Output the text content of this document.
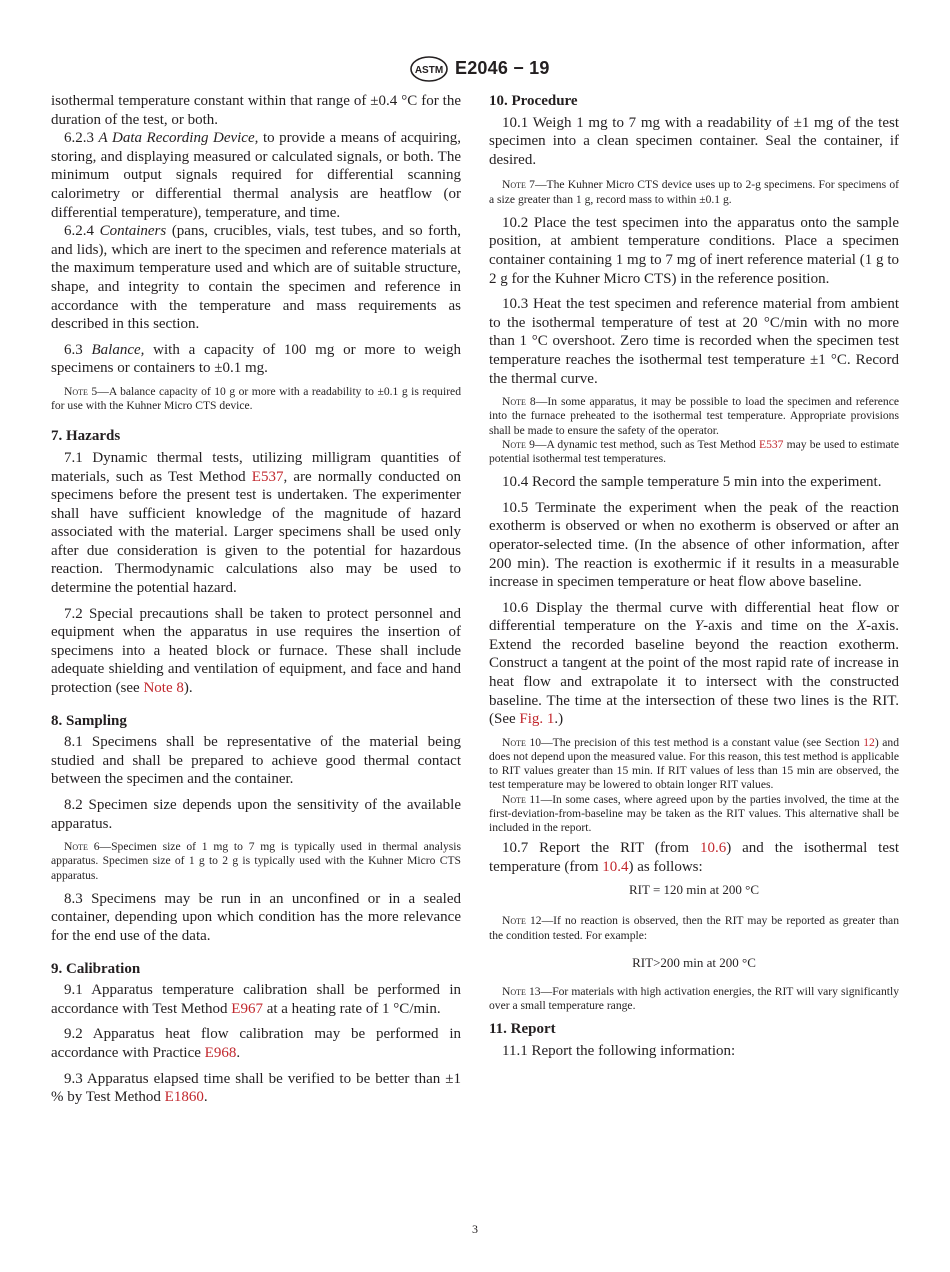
ASTM E2046 − 19

isothermal temperature constant within that range of ±0.4 °C for the duration of the test, or both.

6.2.3 A Data Recording Device, to provide a means of acquiring, storing, and displaying measured or calculated signals, or both. The minimum output signals required for differential scanning calorimetry or differential thermal analysis are heatflow (or differential temperature), temperature, and time.

6.2.4 Containers (pans, crucibles, vials, test tubes, and so forth, and lids), which are inert to the specimen and reference materials at the maximum temperature used and which are of suitable structure, shape, and integrity to contain the specimen and reference in accordance with the temperature and mass requirements as described in this section.

6.3 Balance, with a capacity of 100 mg or more to weigh specimens or containers to ±0.1 mg.

Note 5—A balance capacity of 10 g or more with a readability to ±0.1 g is required for use with the Kuhner Micro CTS device.

7. Hazards

7.1 Dynamic thermal tests, utilizing milligram quantities of materials, such as Test Method E537, are normally conducted on specimens before the present test is undertaken. The experimenter shall have sufficient knowledge of the magnitude of hazard associated with the material. Larger specimens shall be used only after due consideration is given to the potential for hazardous reaction. Thermodynamic calculations also may be used to determine the potential hazard.

7.2 Special precautions shall be taken to protect personnel and equipment when the apparatus in use requires the insertion of specimens into a heated block or furnace. These shall include adequate shielding and ventilation of equipment, and face and hand protection (see Note 8).

8. Sampling

8.1 Specimens shall be representative of the material being studied and shall be prepared to achieve good thermal contact between the specimen and the container.

8.2 Specimen size depends upon the sensitivity of the available apparatus.

Note 6—Specimen size of 1 mg to 7 mg is typically used in thermal analysis apparatus. Specimen size of 1 g to 2 g is typically used with the Kuhner Micro CTS apparatus.

8.3 Specimens may be run in an unconfined or in a sealed container, depending upon which condition has the more relevance for the end use of the data.

9. Calibration

9.1 Apparatus temperature calibration shall be performed in accordance with Test Method E967 at a heating rate of 1 °C/min.

9.2 Apparatus heat flow calibration may be performed in accordance with Practice E968.

9.3 Apparatus elapsed time shall be verified to be better than ±1 % by Test Method E1860.

10. Procedure

10.1 Weigh 1 mg to 7 mg with a readability of ±1 mg of the test specimen into a clean specimen container. Seal the container, if desired.

Note 7—The Kuhner Micro CTS device uses up to 2-g specimens. For specimens of a size greater than 1 g, record mass to within ±0.1 g.

10.2 Place the test specimen into the apparatus onto the sample position, at ambient temperature conditions. Place a specimen container containing 1 mg to 7 mg of inert reference material (1 g to 2 g for the Kuhner Micro CTS) in the reference position.

10.3 Heat the test specimen and reference material from ambient to the isothermal temperature of test at 20 °C/min with no more than 1 °C overshoot. Zero time is recorded when the specimen test temperature reaches the isothermal test temperature ±1 °C. Record the thermal curve.

Note 8—In some apparatus, it may be possible to load the specimen and reference into the furnace preheated to the isothermal test temperature. Appropriate provisions shall be made to ensure the safety of the operator.

Note 9—A dynamic test method, such as Test Method E537 may be used to estimate potential isothermal test temperatures.

10.4 Record the sample temperature 5 min into the experiment.

10.5 Terminate the experiment when the peak of the reaction exotherm is observed or when no exotherm is observed or after an operator-selected time. (In the absence of other information, after 200 min). The reaction is exothermic if it results in a measurable increase in specimen temperature or heat flow above baseline.

10.6 Display the thermal curve with differential heat flow or differential temperature on the Y-axis and time on the X-axis. Extend the recorded baseline beyond the reaction exotherm. Construct a tangent at the point of the most rapid rate of increase in heat flow and extrapolate it to intersect with the constructed baseline. The time at the intersection of these two lines is the RIT. (See Fig. 1.)

Note 10—The precision of this test method is a constant value (see Section 12) and does not depend upon the measured value. For this reason, this test method is applicable to RIT values greater than 15 min. If RIT values of less than 15 min are observed, the test temperature may be lowered to obtain longer RIT values.

Note 11—In some cases, where agreed upon by the parties involved, the time at the first-deviation-from-baseline may be taken as the RIT values. This alternative shall be included in the report.

10.7 Report the RIT (from 10.6) and the isothermal test temperature (from 10.4) as follows:

RIT = 120 min at 200 °C

Note 12—If no reaction is observed, then the RIT may be reported as greater than the condition tested. For example:

RIT>200 min at 200 °C

Note 13—For materials with high activation energies, the RIT will vary significantly over a small temperature range.

11. Report

11.1 Report the following information:

3
